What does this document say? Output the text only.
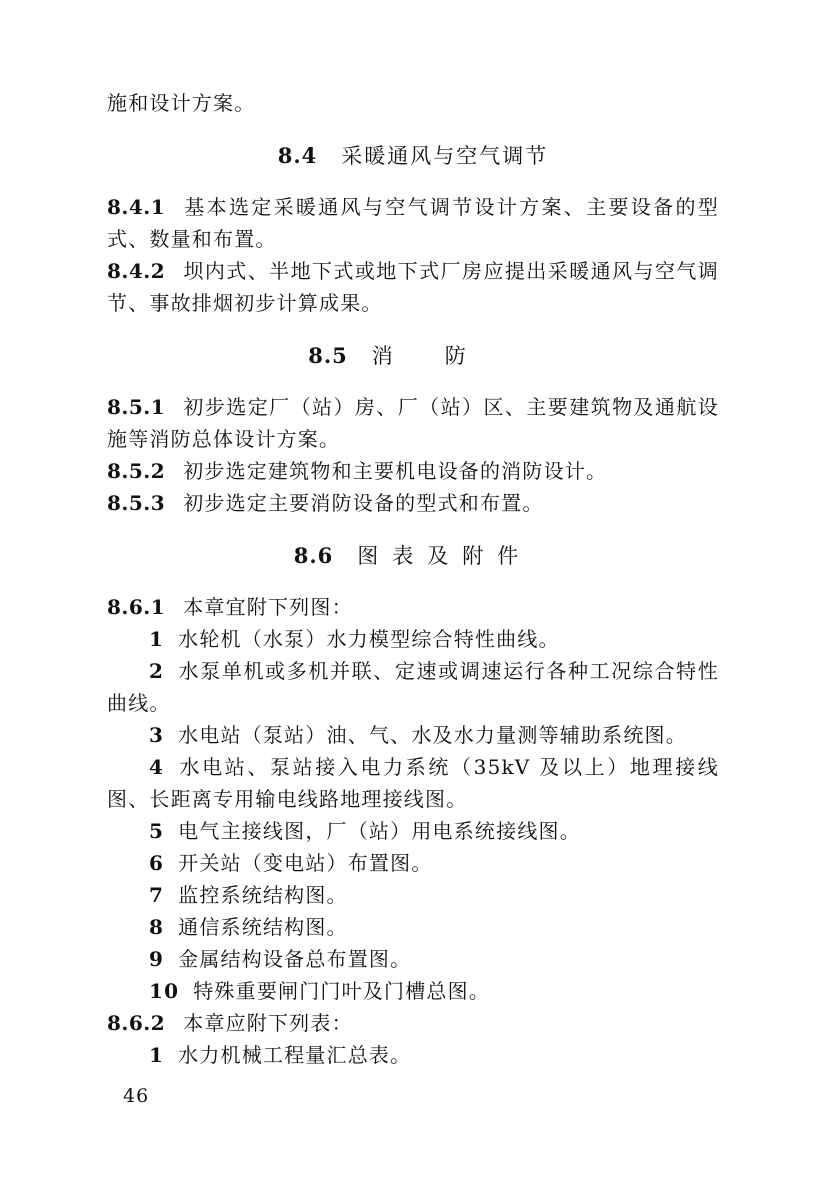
施和设计方案。

8.4 采暖通风与空气调节

8.4.1 基本选定采暖通风与空气调节设计方案、主要设备的型式、数量和布置。

8.4.2 坝内式、半地下式或地下式厂房应提出采暖通风与空气调节、事故排烟初步计算成果。

8.5 消防

8.5.1 初步选定厂（站）房、厂（站）区、主要建筑物及通航设施等消防总体设计方案。

8.5.2 初步选定建筑物和主要机电设备的消防设计。

8.5.3 初步选定主要消防设备的型式和布置。

8.6 图表及附件

8.6.1 本章宜附下列图：

1 水轮机（水泵）水力模型综合特性曲线。

2 水泵单机或多机并联、定速或调速运行各种工况综合特性曲线。

3 水电站（泵站）油、气、水及水力量测等辅助系统图。

4 水电站、泵站接入电力系统（35kV 及以上）地理接线图、长距离专用输电线路地理接线图。

5 电气主接线图，厂（站）用电系统接线图。

6 开关站（变电站）布置图。

7 监控系统结构图。

8 通信系统结构图。

9 金属结构设备总布置图。

10 特殊重要闸门门叶及门槽总图。

8.6.2 本章应附下列表：

1 水力机械工程量汇总表。

46
